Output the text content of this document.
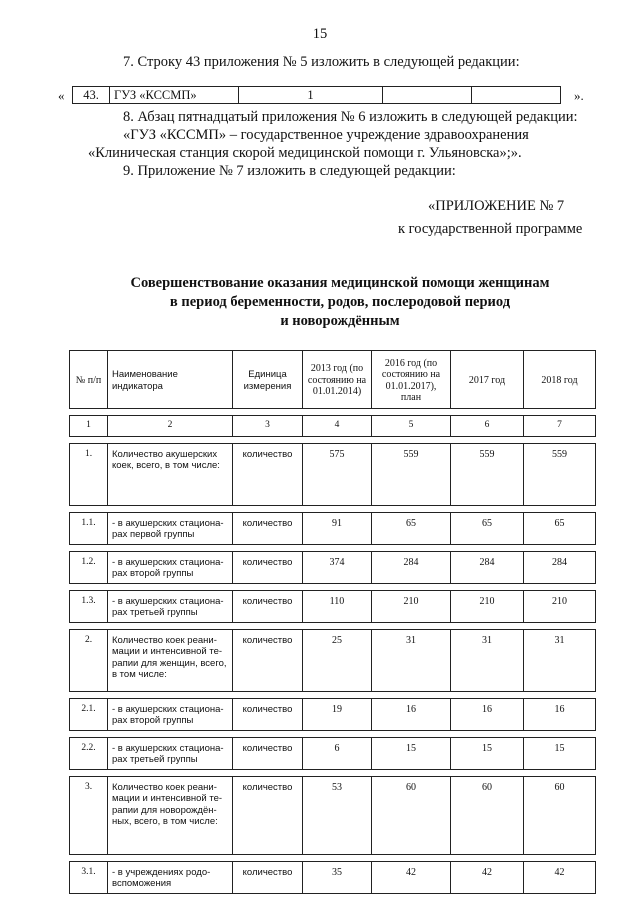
15
7. Строку 43 приложения № 5 изложить в следующей редакции:
« 43.	ГУЗ «КССМП»	1			».
8. Абзац пятнадцатый приложения № 6 изложить в следующей редакции:
«ГУЗ «КССМП» – государственное учреждение здравоохранения
«Клиническая станция скорой медицинской помощи г. Ульяновска»;».
9. Приложение № 7 изложить в следующей редакции:
«ПРИЛОЖЕНИЕ № 7
к государственной программе
Совершенствование оказания медицинской помощи женщинам
в период беременности, родов, послеродовой период
и новорождённым
№ п/п	Наименование индикатора	Единица измерения	2013 год (по состоянию на 01.01.2014)	2016 год (по состоянию на 01.01.2017), план	2017 год	2018 год

1	2	3	4	5	6	7

1.	Количество акушерских коек, всего, в том числе:	количество	575	559	559	559

1.1.	- в акушерских стационарах первой группы	количество	91	65	65	65

1.2.	- в акушерских стационарах второй группы	количество	374	284	284	284

1.3.	- в акушерских стационарах третьей группы	количество	110	210	210	210

2.	Количество коек реанимации и интенсивной терапии для женщин, всего, в том числе:	количество	25	31	31	31

2.1.	- в акушерских стационарах второй группы	количество	19	16	16	16

2.2.	- в акушерских стационарах третьей группы	количество	6	15	15	15

3.	Количество коек реанимации и интенсивной терапии для новорождённых, всего, в том числе:	количество	53	60	60	60

3.1.	- в учреждениях родовспоможения	количество	35	42	42	42
